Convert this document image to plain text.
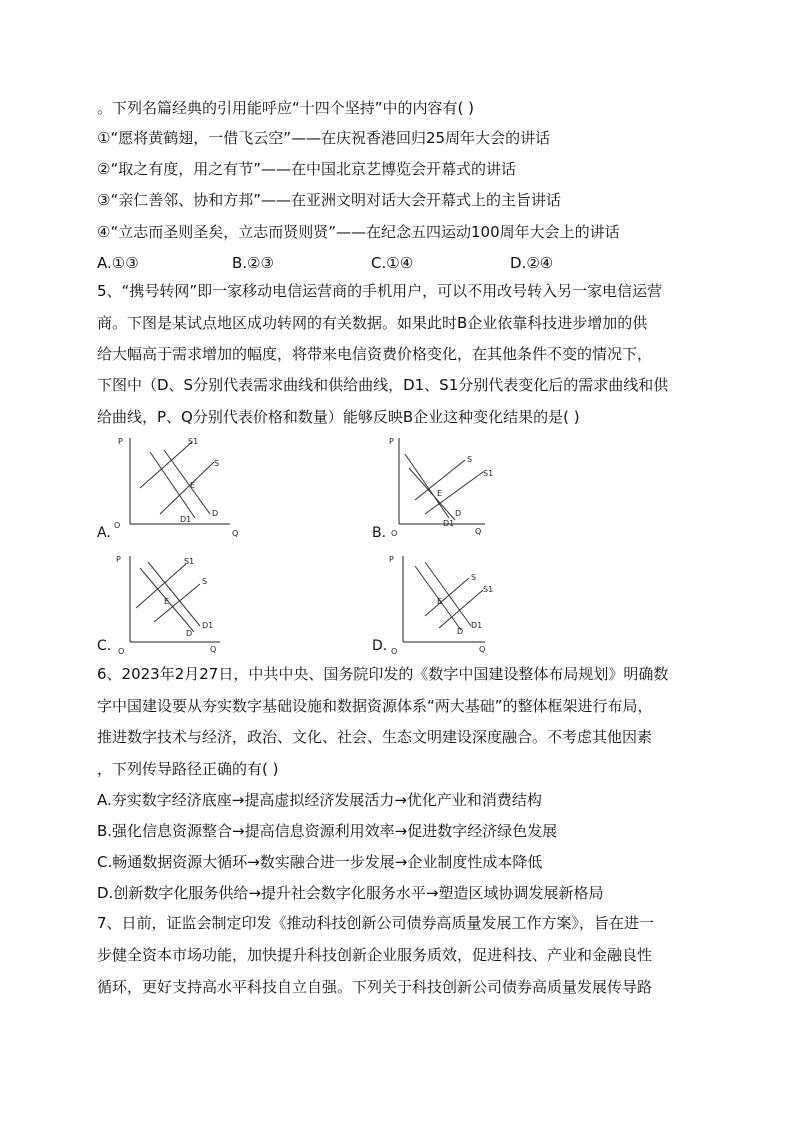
。下列名篇经典的引用能呼应“十四个坚持”中的内容有( )
①“愿将黄鹤翅，一借飞云空”——在庆祝香港回归25周年大会的讲话
②“取之有度，用之有节”——在中国北京艺博览会开幕式的讲话
③“亲仁善邻、协和方邦”——在亚洲文明对话大会开幕式上的主旨讲话
④“立志而圣则圣矣，立志而贤则贤”——在纪念五四运动100周年大会上的讲话
A.①③	B.②③	C.①④	D.②④
5、“携号转网”即一家移动电信运营商的手机用户，可以不用改号转入另一家电信运营
商。下图是某试点地区成功转网的有关数据。如果此时B企业依靠科技进步增加的供
给大幅高于需求增加的幅度，将带来电信资费价格变化，在其他条件不变的情况下，
下图中（D、S分别代表需求曲线和供给曲线，D1、S1分别代表变化后的需求曲线和供
给曲线，P、Q分别代表价格和数量）能够反映B企业这种变化结果的是( )
A.
P
Q
O
S1
S
E
D1
D
B.
P
Q
O
S
S1
E
D
D1
C.
P
Q
O
S1
S
E
D
D1
D.
P
Q
O
S
S1
E
D
D1
6、2023年2月27日，中共中央、国务院印发的《数字中国建设整体布局规划》明确数
字中国建设要从夯实数字基础设施和数据资源体系“两大基础”的整体框架进行布局，
推进数字技术与经济，政治、文化、社会、生态文明建设深度融合。不考虑其他因素
，下列传导路径正确的有( )
A.夯实数字经济底座→提高虚拟经济发展活力→优化产业和消费结构
B.强化信息资源整合→提高信息资源利用效率→促进数字经济绿色发展
C.畅通数据资源大循环→数实融合进一步发展→企业制度性成本降低
D.创新数字化服务供给→提升社会数字化服务水平→塑造区域协调发展新格局
7、日前，证监会制定印发《推动科技创新公司债券高质量发展工作方案》，旨在进一
步健全资本市场功能，加快提升科技创新企业服务质效，促进科技、产业和金融良性
循环，更好支持高水平科技自立自强。下列关于科技创新公司债券高质量发展传导路
